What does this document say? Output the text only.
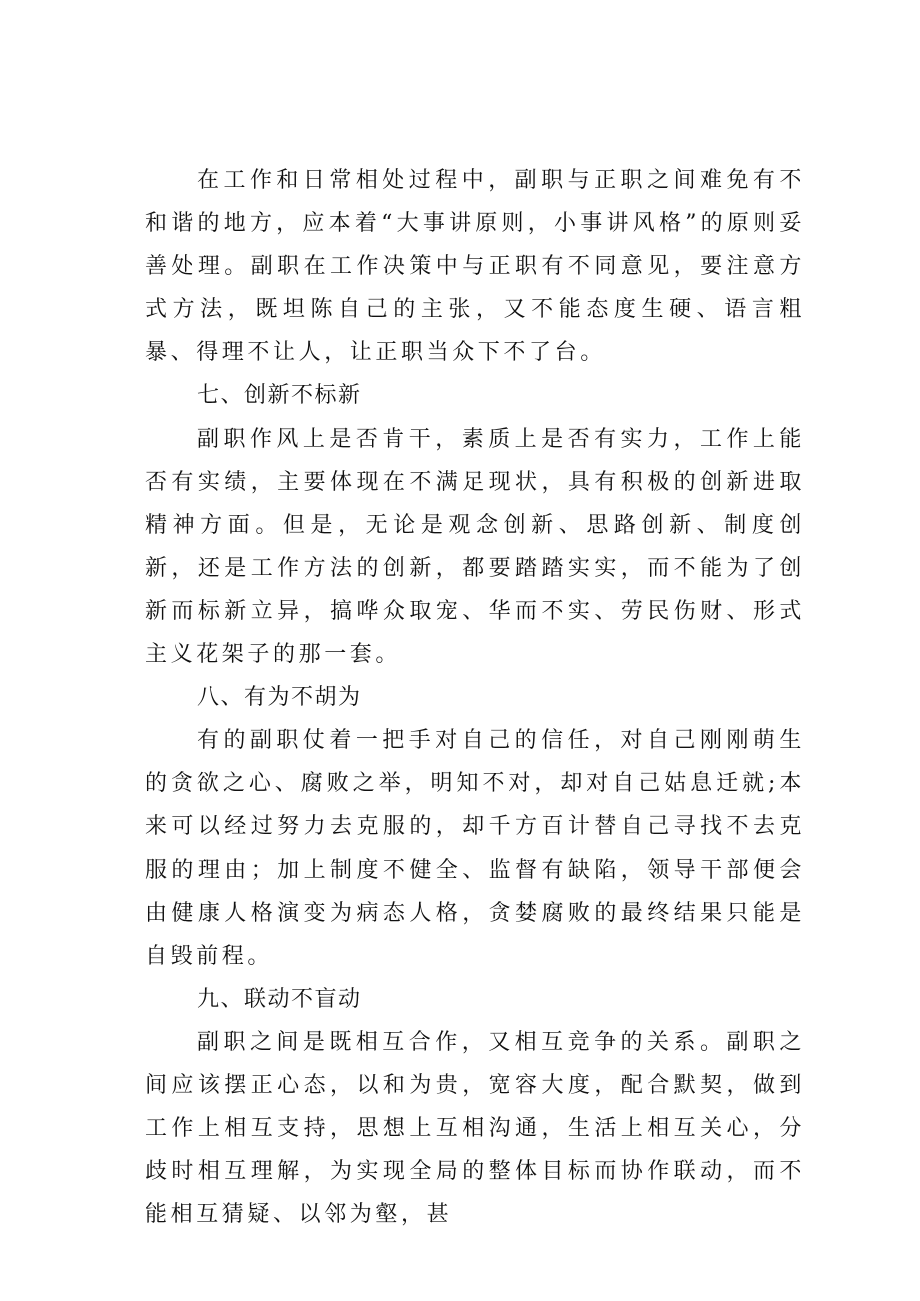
在工作和日常相处过程中，副职与正职之间难免有不和谐的地方，应本着“大事讲原则，小事讲风格”的原则妥善处理。副职在工作决策中与正职有不同意见，要注意方式方法，既坦陈自己的主张，又不能态度生硬、语言粗暴、得理不让人，让正职当众下不了台。

七、创新不标新

副职作风上是否肯干，素质上是否有实力，工作上能否有实绩，主要体现在不满足现状，具有积极的创新进取精神方面。但是，无论是观念创新、思路创新、制度创新，还是工作方法的创新，都要踏踏实实，而不能为了创新而标新立异，搞哗众取宠、华而不实、劳民伤财、形式主义花架子的那一套。

八、有为不胡为

有的副职仗着一把手对自己的信任，对自己刚刚萌生的贪欲之心、腐败之举，明知不对，却对自己姑息迁就;本来可以经过努力去克服的，却千方百计替自己寻找不去克服的理由；加上制度不健全、监督有缺陷，领导干部便会由健康人格演变为病态人格，贪婪腐败的最终结果只能是自毁前程。

九、联动不盲动

副职之间是既相互合作，又相互竞争的关系。副职之间应该摆正心态，以和为贵，宽容大度，配合默契，做到工作上相互支持，思想上互相沟通，生活上相互关心，分歧时相互理解，为实现全局的整体目标而协作联动，而不能相互猜疑、以邻为壑，甚
